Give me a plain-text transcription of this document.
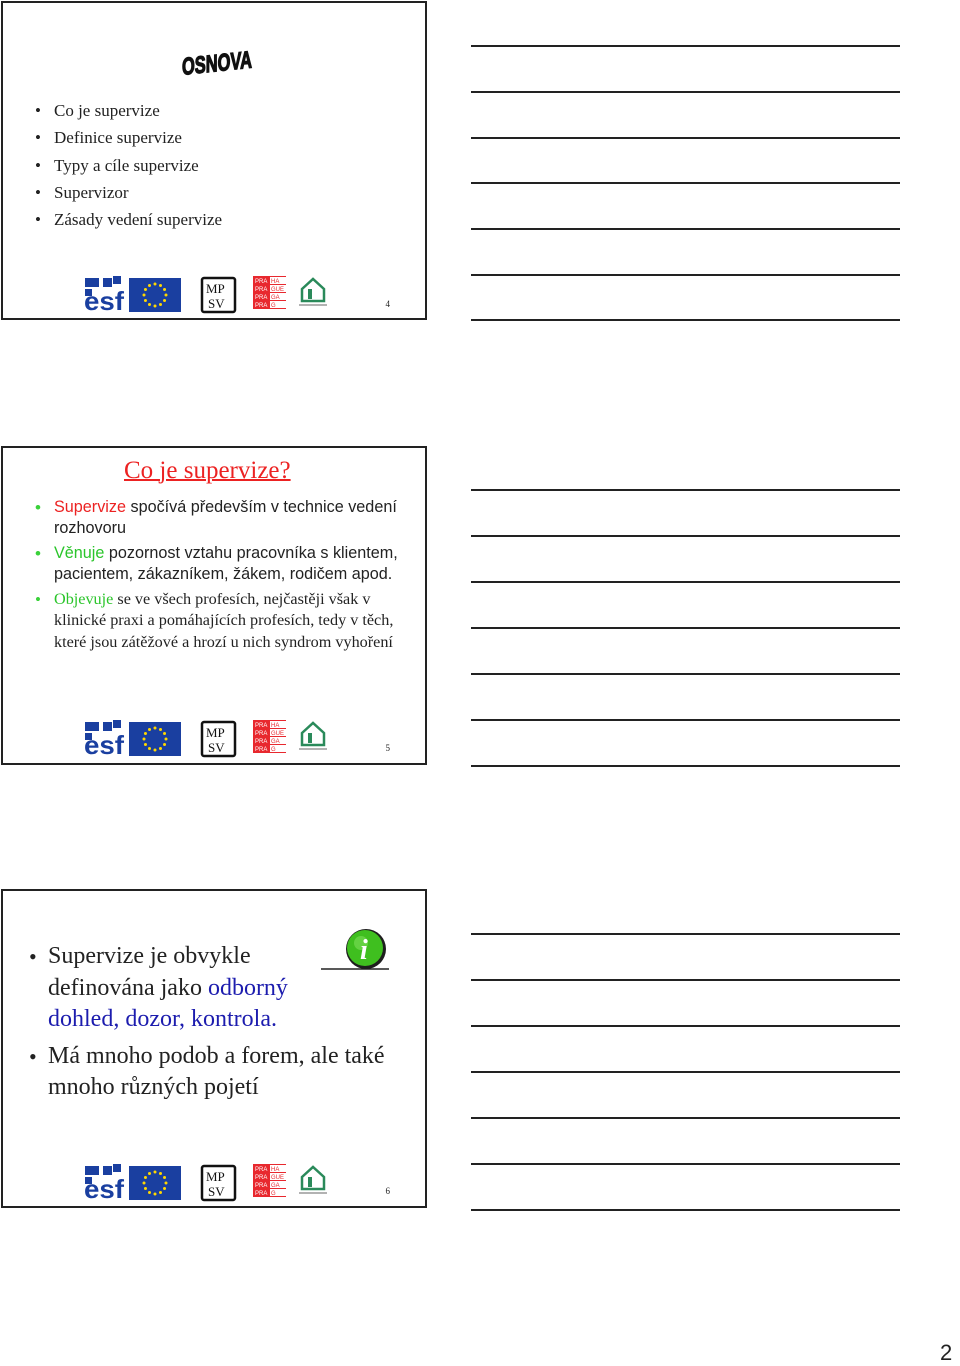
OSNOVA
• Co je supervize
• Definice supervize
• Typy a cíle supervize
• Supervizor
• Zásady vedení supervize
esf	MP
SV
PRA
PRA
PRA
PRA
HA
GUE
GA
G	4
Co je supervize?
• Supervize spočívá především v technice vedení rozhovoru
• Věnuje pozornost vztahu pracovníka s klientem, pacientem, zákazníkem, žákem, rodičem apod.
• Objevuje se ve všech profesích, nejčastěji však v klinické praxi a pomáhajících profesích, tedy v těch, které jsou zátěžové a hrozí u nich syndrom vyhoření
esf	MP
SV
PRA
PRA
PRA
PRA
HA
GUE
GA
G	5
i
• Supervize je obvykle definována jako odborný dohled, dozor, kontrola.
• Má mnoho podob a forem, ale také mnoho různých pojetí
esf	MP
SV
PRA
PRA
PRA
PRA
HA
GUE
GA
G	6
2
